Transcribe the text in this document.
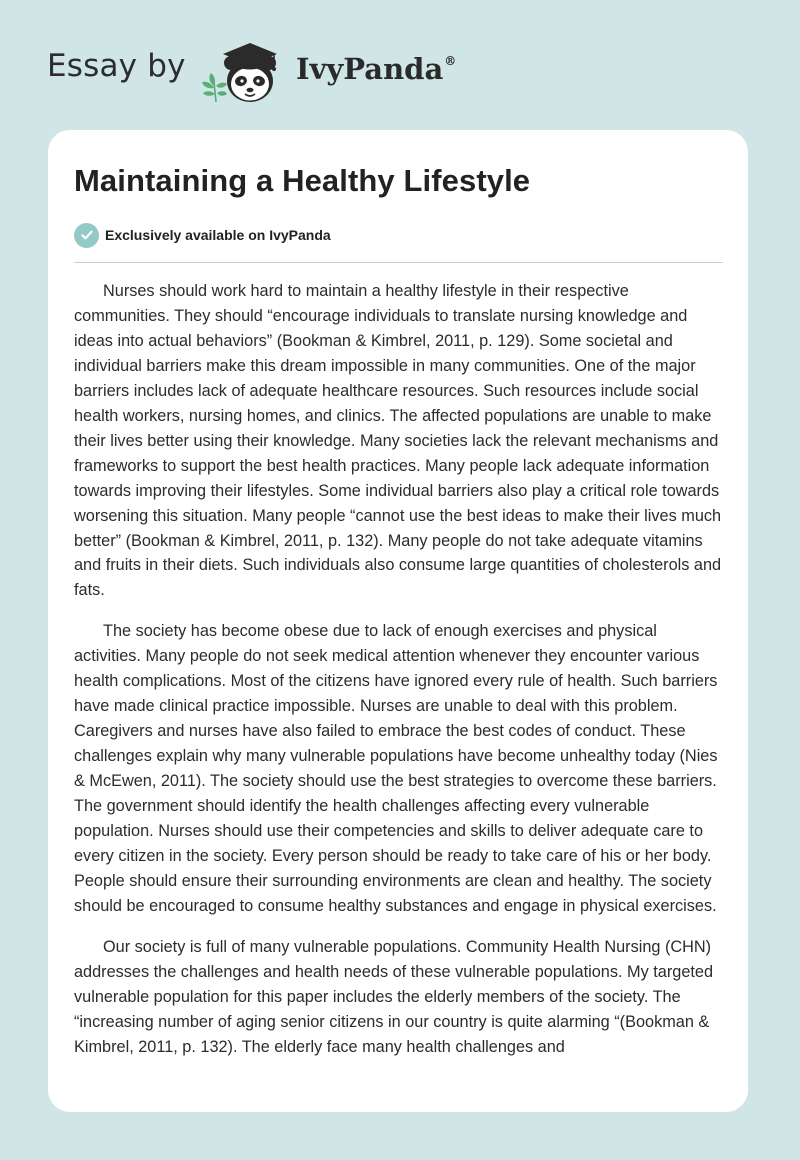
Essay by	IvyPanda®
Maintaining a Healthy Lifestyle
Exclusively available on IvyPanda

Nurses should work hard to maintain a healthy lifestyle in their respective communities. They should “encourage individuals to translate nursing knowledge and ideas into actual behaviors” (Bookman & Kimbrel, 2011, p. 129). Some societal and individual barriers make this dream impossible in many communities. One of the major barriers includes lack of adequate healthcare resources. Such resources include social health workers, nursing homes, and clinics. The affected populations are unable to make their lives better using their knowledge. Many societies lack the relevant mechanisms and frameworks to support the best health practices. Many people lack adequate information towards improving their lifestyles. Some individual barriers also play a critical role towards worsening this situation. Many people “cannot use the best ideas to make their lives much better” (Bookman & Kimbrel, 2011, p. 132). Many people do not take adequate vitamins and fruits in their diets. Such individuals also consume large quantities of cholesterols and fats.

The society has become obese due to lack of enough exercises and physical activities. Many people do not seek medical attention whenever they encounter various health complications. Most of the citizens have ignored every rule of health. Such barriers have made clinical practice impossible. Nurses are unable to deal with this problem. Caregivers and nurses have also failed to embrace the best codes of conduct. These challenges explain why many vulnerable populations have become unhealthy today (Nies & McEwen, 2011). The society should use the best strategies to overcome these barriers. The government should identify the health challenges affecting every vulnerable population. Nurses should use their competencies and skills to deliver adequate care to every citizen in the society. Every person should be ready to take care of his or her body. People should ensure their surrounding environments are clean and healthy. The society should be encouraged to consume healthy substances and engage in physical exercises.

Our society is full of many vulnerable populations. Community Health Nursing (CHN) addresses the challenges and health needs of these vulnerable populations. My targeted vulnerable population for this paper includes the elderly members of the society. The “increasing number of aging senior citizens in our country is quite alarming “(Bookman & Kimbrel, 2011, p. 132). The elderly face many health challenges and
